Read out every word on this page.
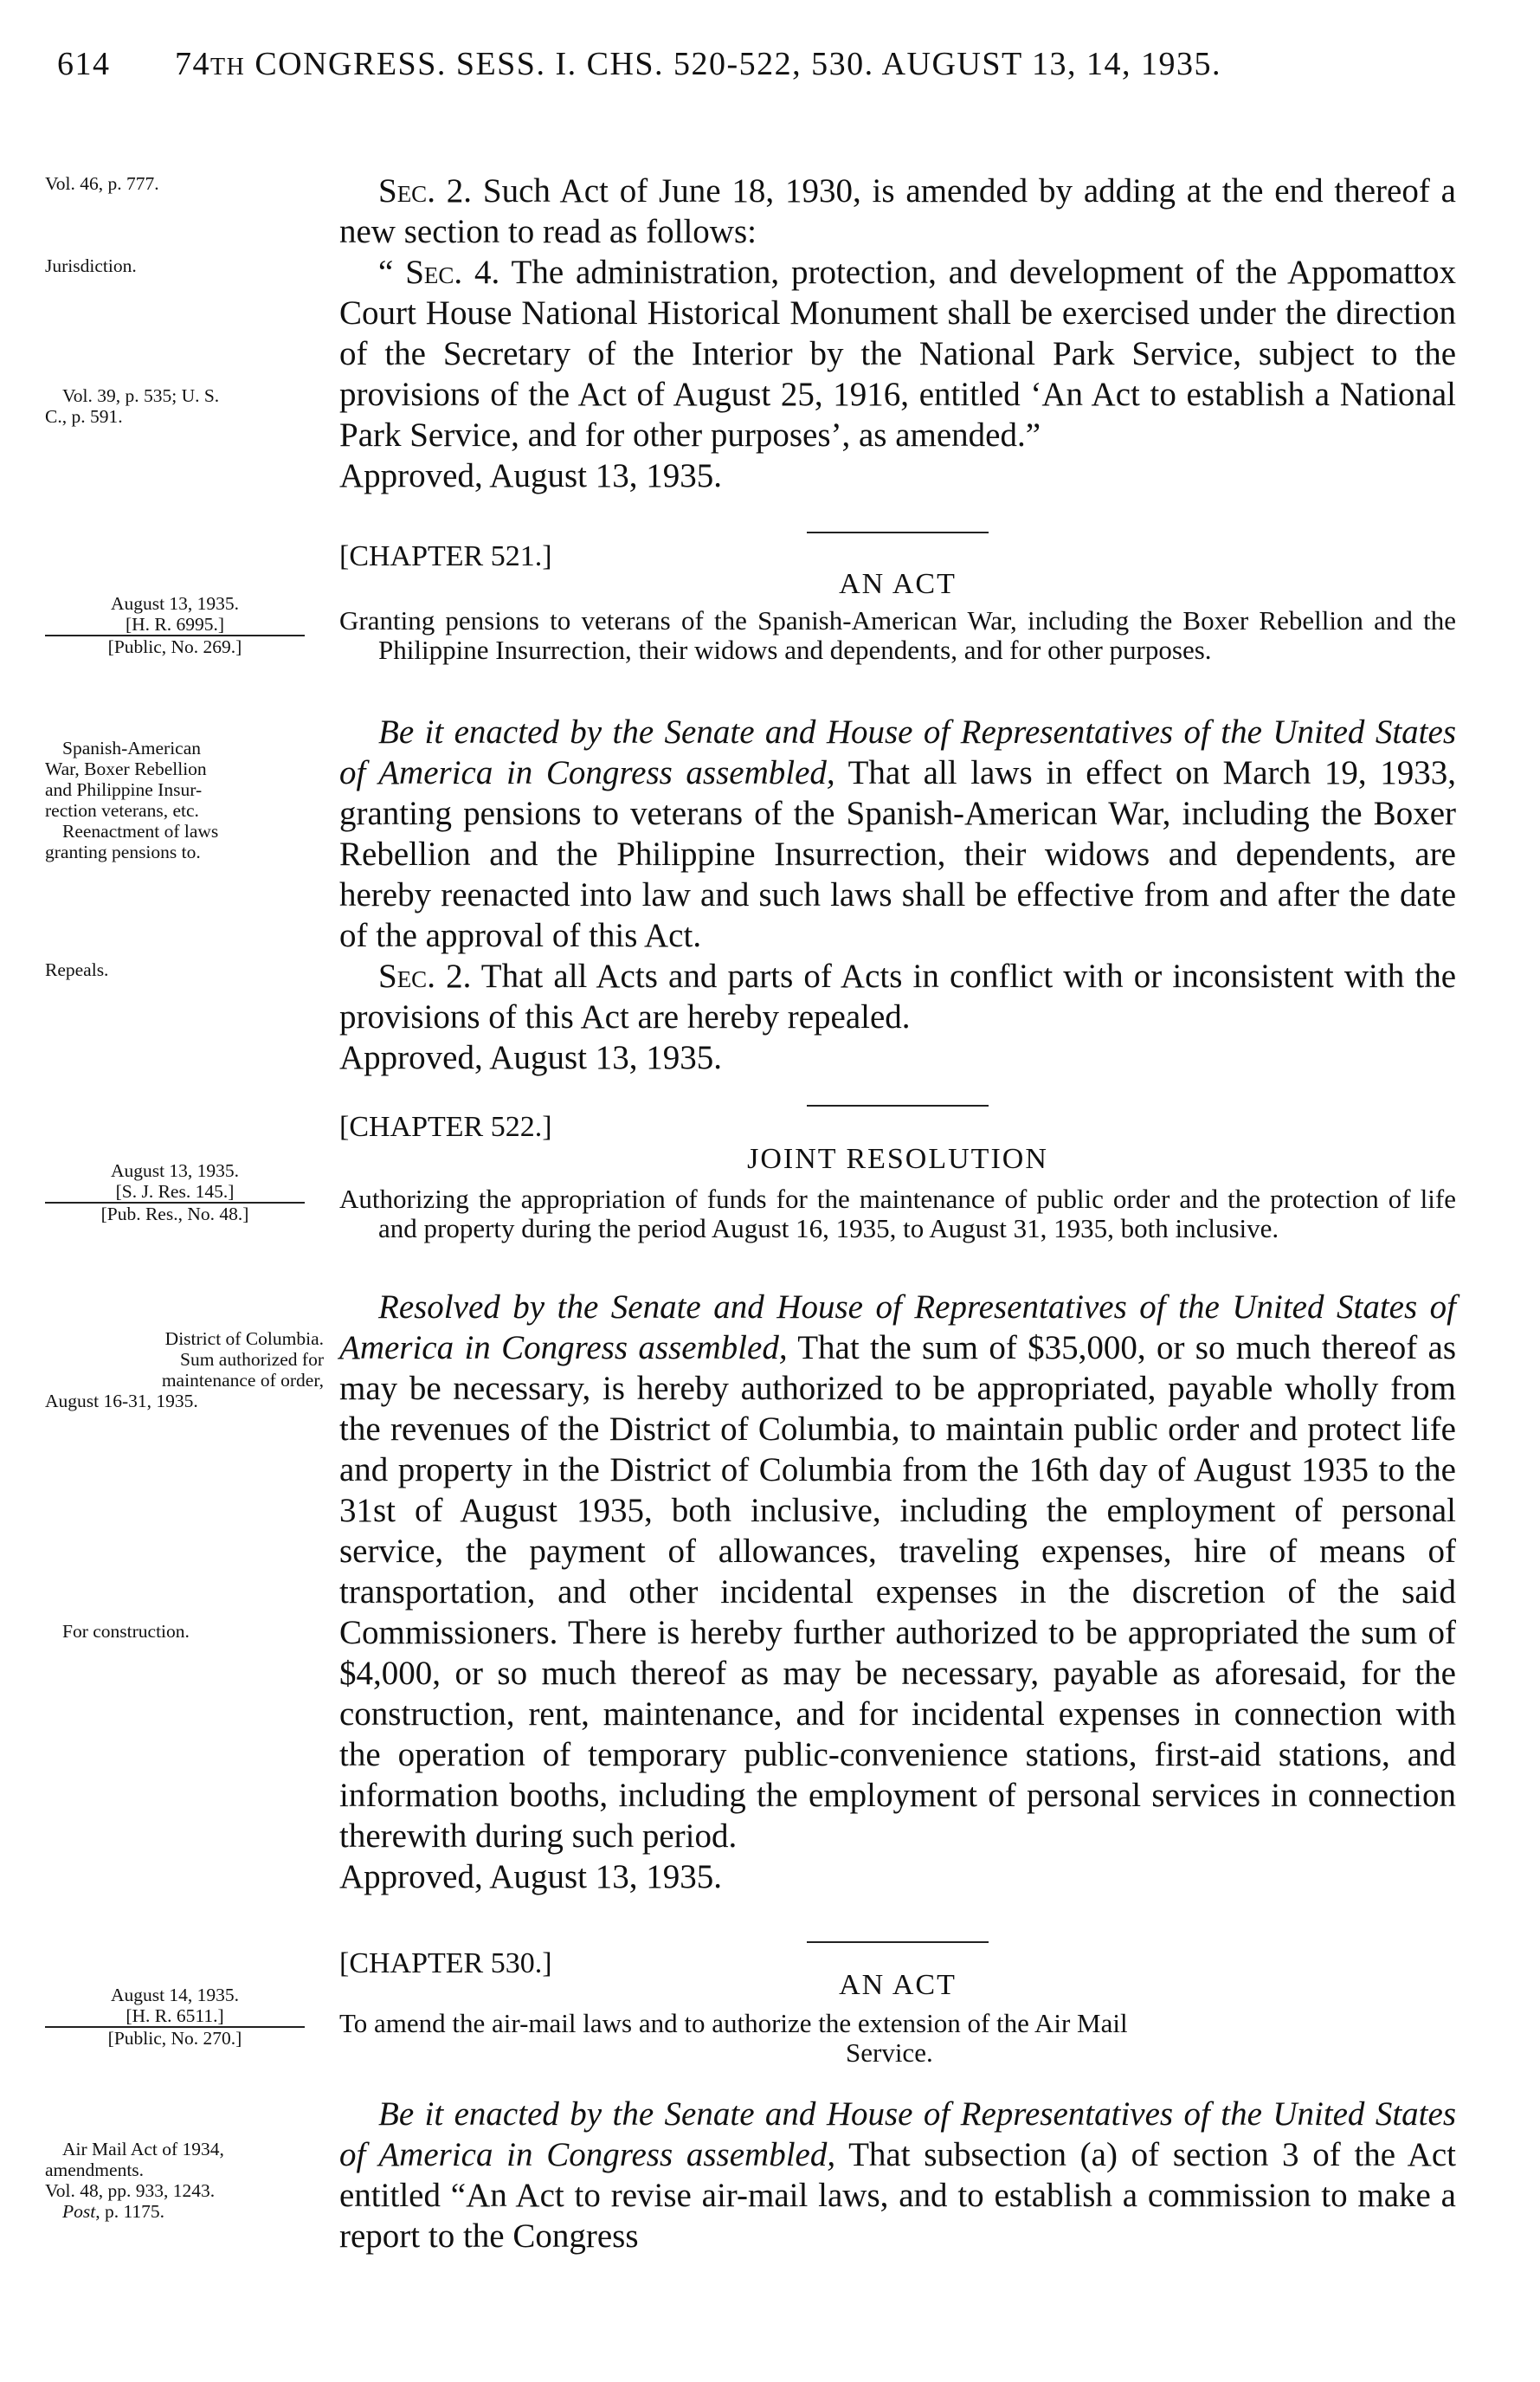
614 74TH CONGRESS. SESS. I. CHS. 520-522, 530. AUGUST 13, 14, 1935.
Vol. 46, p. 777.
Jurisdiction.
Vol. 39, p. 535; U. S.
C., p. 591.
August 13, 1935.
[H. R. 6995.]
[Public, No. 269.]
Spanish-American
War, Boxer Rebellion
and Philippine Insur-
rection veterans, etc.
Reenactment of laws
granting pensions to.
Repeals.
August 13, 1935.
[S. J. Res. 145.]
[Pub. Res., No. 48.]
District of Columbia.
Sum authorized for
maintenance of order,
August 16-31, 1935.
For construction.
August 14, 1935.
[H. R. 6511.]
[Public, No. 270.]
Air Mail Act of 1934,
amendments.
Vol. 48, pp. 933, 1243.
Post, p. 1175.

Sec. 2. Such Act of June 18, 1930, is amended by adding at the end thereof a new section to read as follows:

“ Sec. 4. The administration, protection, and development of the Appomattox Court House National Historical Monument shall be exercised under the direction of the Secretary of the Interior by the National Park Service, subject to the provisions of the Act of August 25, 1916, entitled ‘An Act to establish a National Park Service, and for other purposes’, as amended.”

Approved, August 13, 1935.

[CHAPTER 521.]
AN ACT
Granting pensions to veterans of the Spanish-American War, including the Boxer Rebellion and the Philippine Insurrection, their widows and dependents, and for other purposes.

Be it enacted by the Senate and House of Representatives of the United States of America in Congress assembled, That all laws in effect on March 19, 1933, granting pensions to veterans of the Spanish-American War, including the Boxer Rebellion and the Philippine Insurrection, their widows and dependents, are hereby reenacted into law and such laws shall be effective from and after the date of the approval of this Act.

Sec. 2. That all Acts and parts of Acts in conflict with or inconsistent with the provisions of this Act are hereby repealed.

Approved, August 13, 1935.

[CHAPTER 522.]
JOINT RESOLUTION
Authorizing the appropriation of funds for the maintenance of public order and the protection of life and property during the period August 16, 1935, to August 31, 1935, both inclusive.

Resolved by the Senate and House of Representatives of the United States of America in Congress assembled, That the sum of $35,000, or so much thereof as may be necessary, is hereby authorized to be appropriated, payable wholly from the revenues of the District of Columbia, to maintain public order and protect life and property in the District of Columbia from the 16th day of August 1935 to the 31st of August 1935, both inclusive, including the employment of personal service, the payment of allowances, traveling expenses, hire of means of transportation, and other incidental expenses in the discretion of the said Commissioners. There is hereby further authorized to be appropriated the sum of $4,000, or so much thereof as may be necessary, payable as aforesaid, for the construction, rent, maintenance, and for incidental expenses in connection with the operation of temporary public-convenience stations, first-aid stations, and information booths, including the employment of personal services in connection therewith during such period.

Approved, August 13, 1935.

[CHAPTER 530.]
AN ACT
To amend the air-mail laws and to authorize the extension of the Air Mail
Service.

Be it enacted by the Senate and House of Representatives of the United States of America in Congress assembled, That subsection (a) of section 3 of the Act entitled “An Act to revise air-mail laws, and to establish a commission to make a report to the Congress
